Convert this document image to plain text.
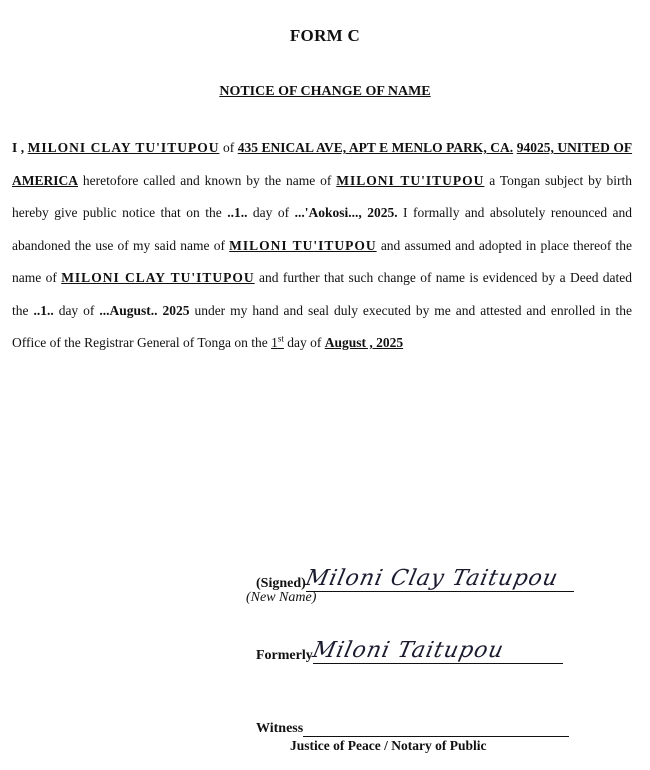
FORM C
NOTICE OF CHANGE OF NAME
I , MILONI CLAY TU'ITUPOU of 435 ENICAL AVE, APT E MENLO PARK, CA. 94025, UNITED OF AMERICA heretofore called and known by the name of MILONI TU'ITUPOU a Tongan subject by birth hereby give public notice that on the ..1.. day of ...'Aokosi..., 2025. I formally and absolutely renounced and abandoned the use of my said name of MILONI TU'ITUPOU and assumed and adopted in place thereof the name of MILONI CLAY TU'ITUPOU and further that such change of name is evidenced by a Deed dated the ..1.. day of ...August.. 2025 under my hand and seal duly executed by me and attested and enrolled in the Office of the Registrar General of Tonga on the 1st day of August , 2025
(Signed)Miloni Clay Taitupou
(New Name)
FormerlyMiloni Taitupou
Witness
Justice of Peace / Notary of Public
